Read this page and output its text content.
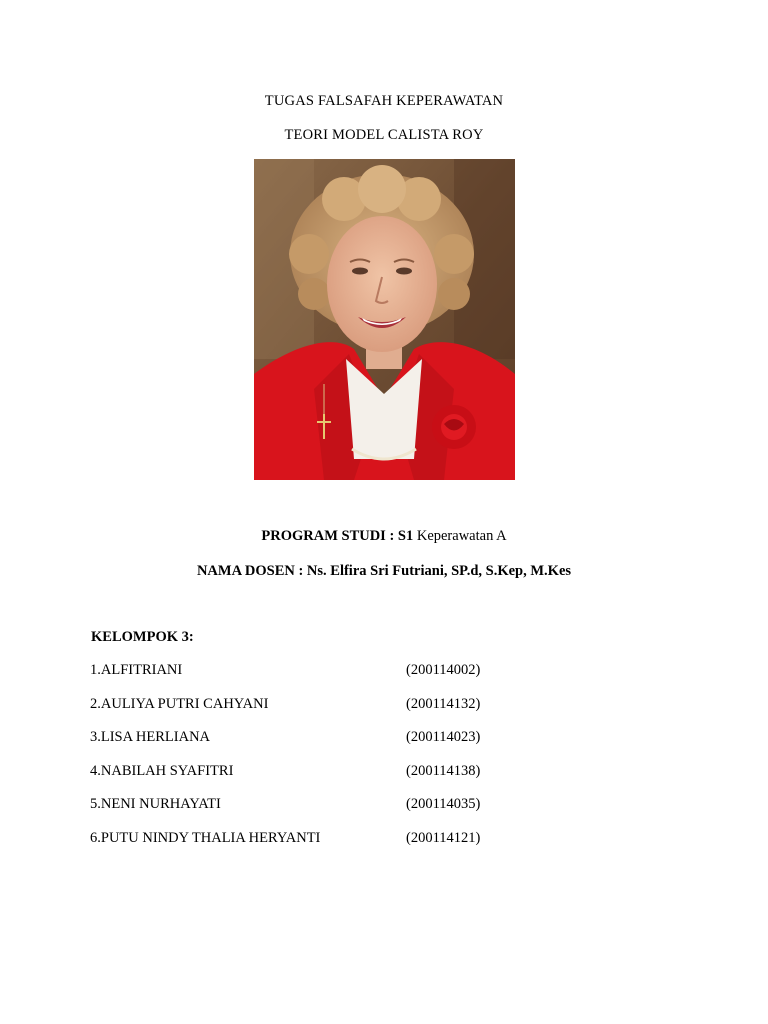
TUGAS FALSAFAH KEPERAWATAN
TEORI MODEL CALISTA ROY
PROGRAM STUDI : S1 Keperawatan A
NAMA DOSEN : Ns. Elfira Sri Futriani, SP.d, S.Kep, M.Kes
KELOMPOK 3:
1.ALFITRIANI	(200114002)
2.AULIYA PUTRI CAHYANI	(200114132)
3.LISA HERLIANA	(200114023)
4.NABILAH SYAFITRI	(200114138)
5.NENI NURHAYATI	(200114035)
6.PUTU NINDY THALIA HERYANTI	(200114121)
